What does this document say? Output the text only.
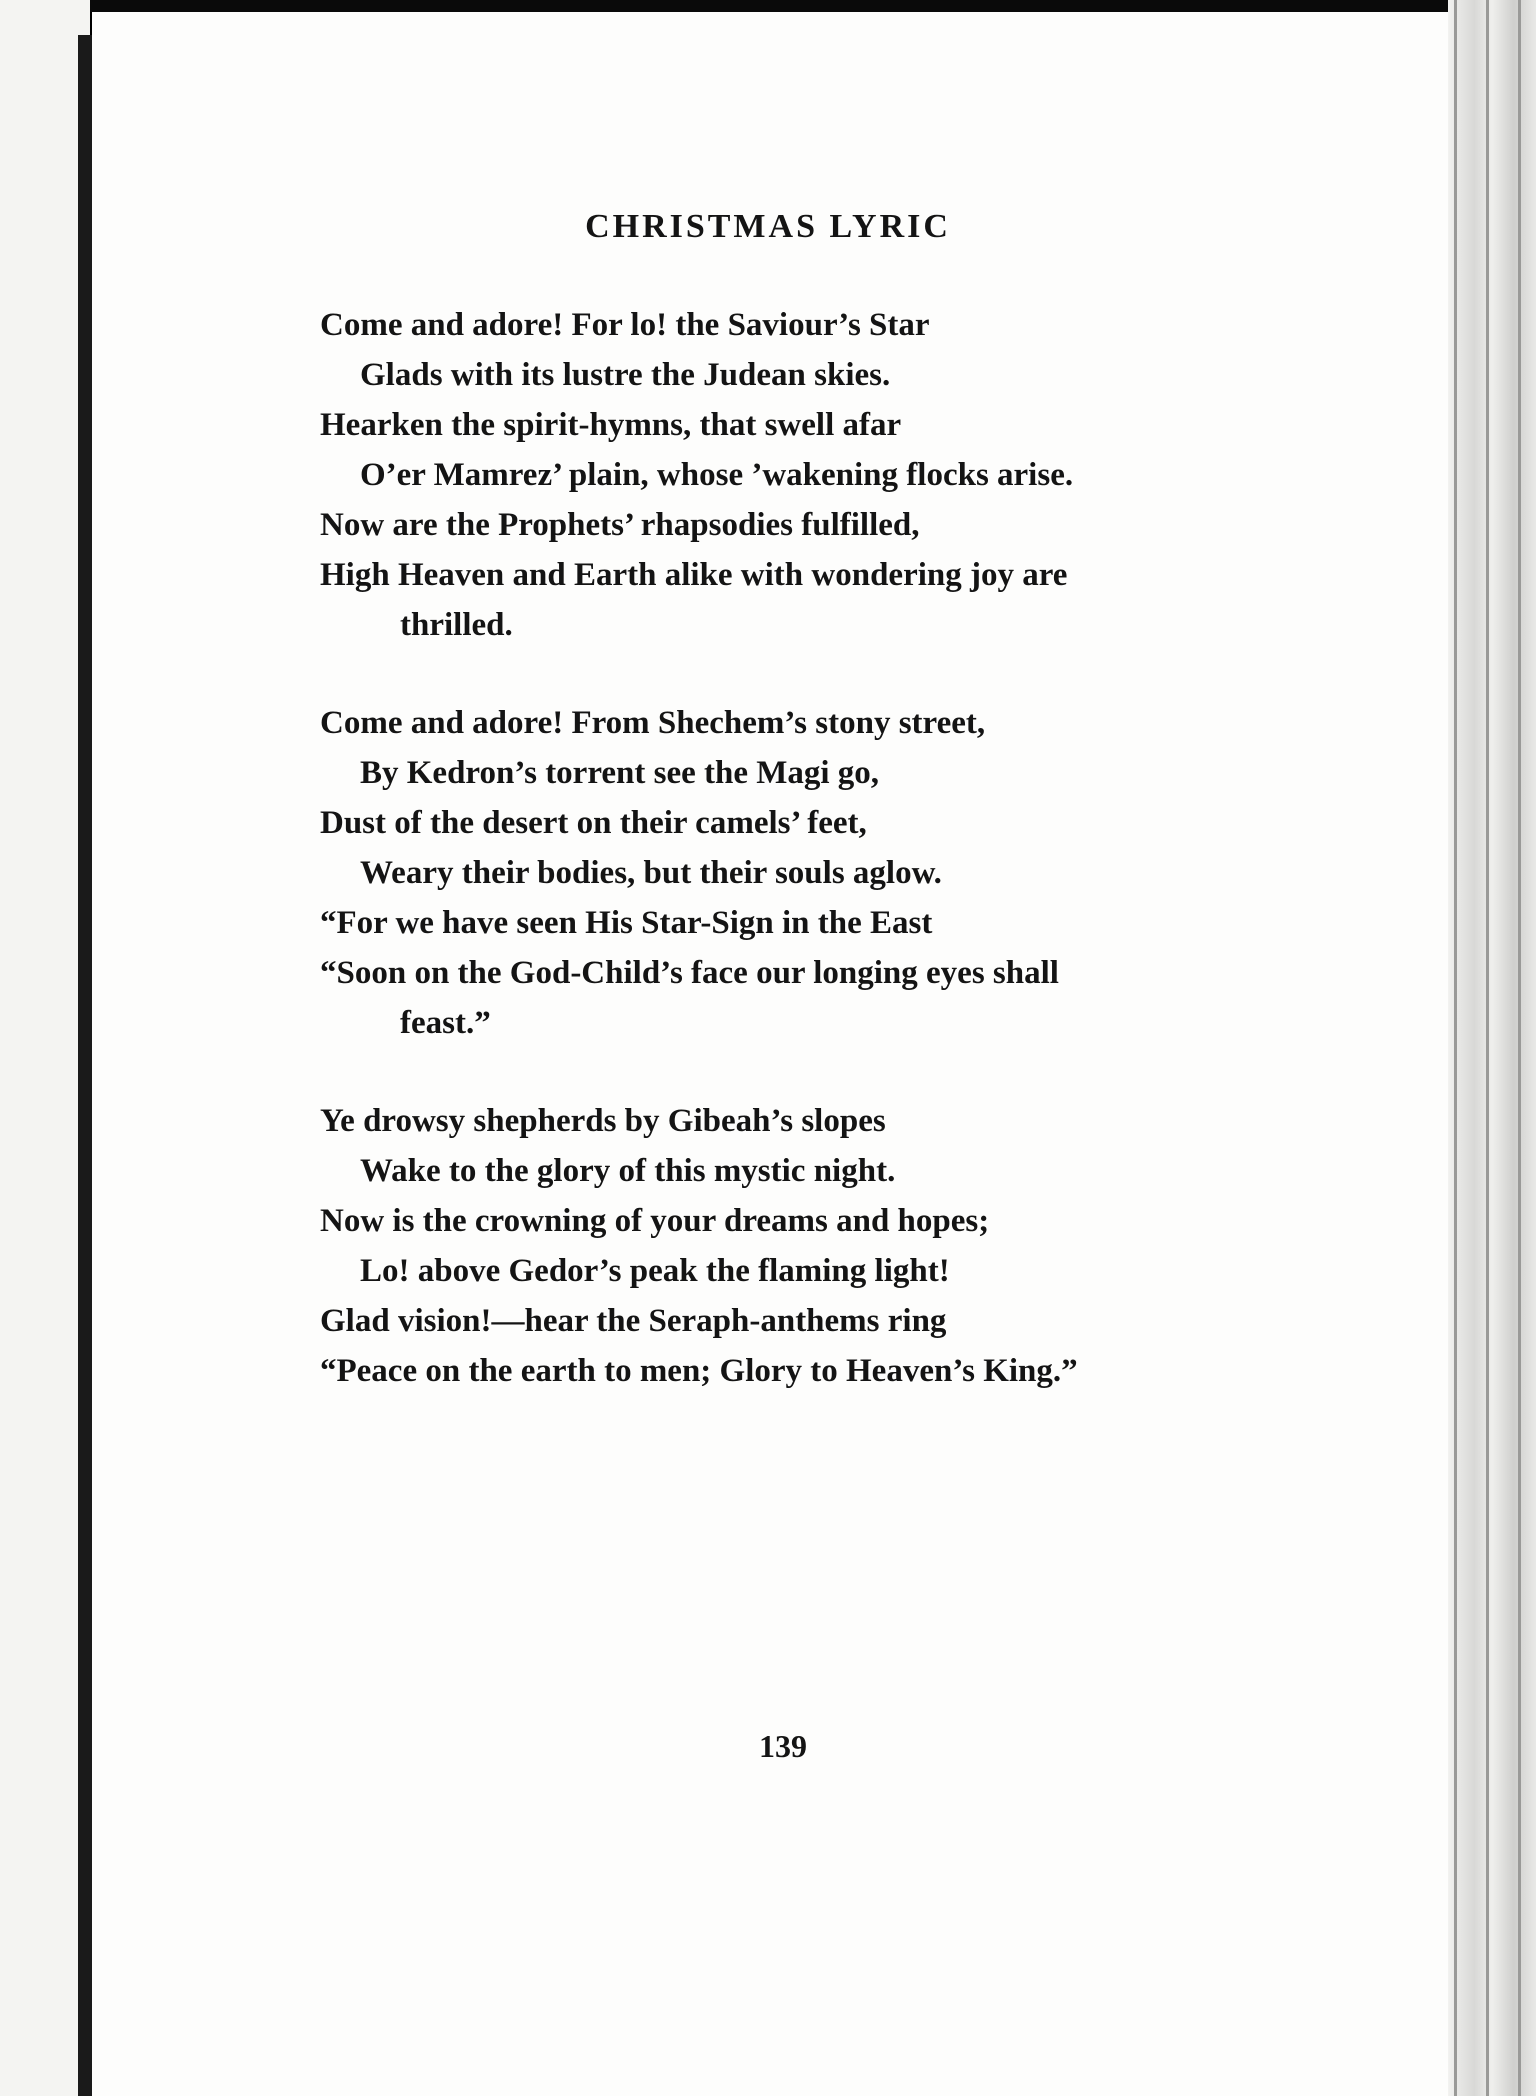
CHRISTMAS LYRIC
Come and adore! For lo! the Saviour’s Star
Glads with its lustre the Judean skies.
Hearken the spirit-hymns, that swell afar
O’er Mamrez’ plain, whose ’wakening flocks arise.
Now are the Prophets’ rhapsodies fulfilled,
High Heaven and Earth alike with wondering joy are
thrilled.
Come and adore! From Shechem’s stony street,
By Kedron’s torrent see the Magi go,
Dust of the desert on their camels’ feet,
Weary their bodies, but their souls aglow.
“For we have seen His Star-Sign in the East
“Soon on the God-Child’s face our longing eyes shall
feast.”
Ye drowsy shepherds by Gibeah’s slopes
Wake to the glory of this mystic night.
Now is the crowning of your dreams and hopes;
Lo! above Gedor’s peak the flaming light!
Glad vision!—hear the Seraph-anthems ring
“Peace on the earth to men; Glory to Heaven’s King.”
139
